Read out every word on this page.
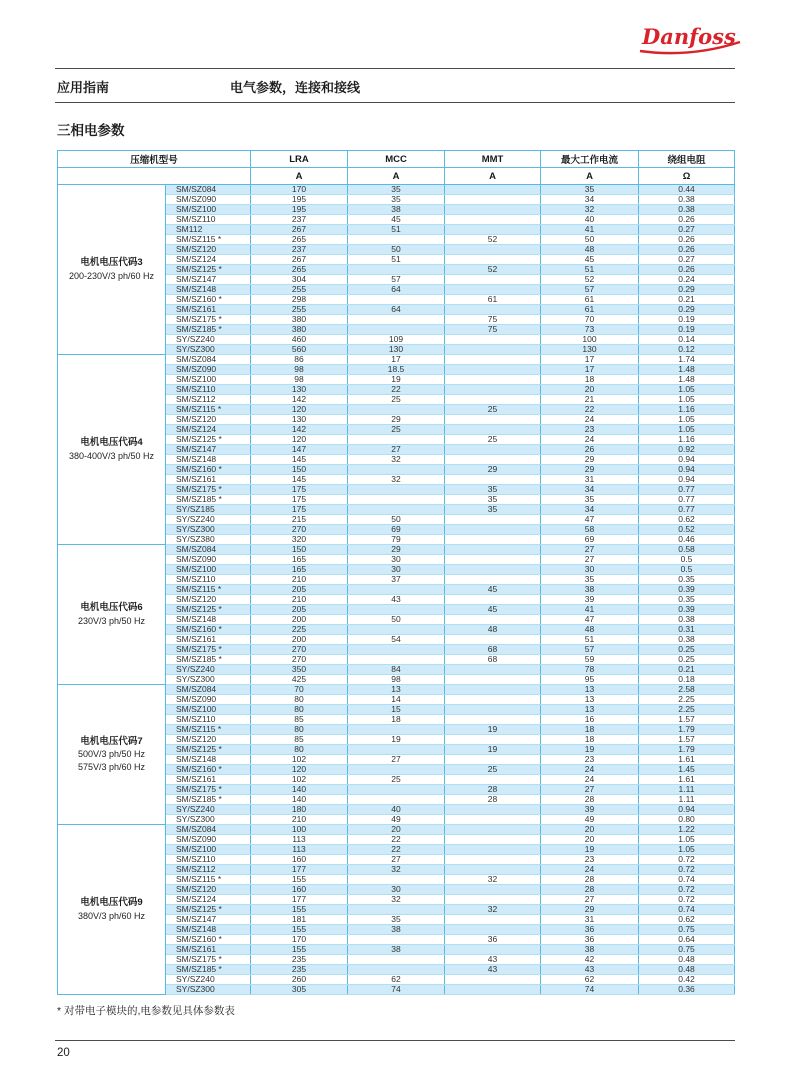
Danfoss
应用指南	电气参数，连接和接线
三相电参数
压缩机型号		LRA	MCC	MMT	最大工作电流	绕组电阻
		A	A	A	A	Ω

电机电压代码3
200-230V/3 ph/60 Hz	SM/SZ084	170	35		35	0.44
	SM/SZ090	195	35		34	0.38
	SM/SZ100	195	38		32	0.38
	SM/SZ110	237	45		40	0.26
	SM112	267	51		41	0.27
	SM/SZ115 *	265		52	50	0.26
	SM/SZ120	237	50		48	0.26
	SM/SZ124	267	51		45	0.27
	SM/SZ125 *	265		52	51	0.26
	SM/SZ147	304	57		52	0.24
	SM/SZ148	255	64		57	0.29
	SM/SZ160 *	298		61	61	0.21
	SM/SZ161	255	64		61	0.29
	SM/SZ175 *	380		75	70	0.19
	SM/SZ185 *	380		75	73	0.19
	SY/SZ240	460	109		100	0.14
	SY/SZ300	560	130		130	0.12

电机电压代码4
380-400V/3 ph/50 Hz	SM/SZ084	86	17		17	1.74
	SM/SZ090	98	18.5		17	1.48
	SM/SZ100	98	19		18	1.48
	SM/SZ110	130	22		20	1.05
	SM/SZ112	142	25		21	1.05
	SM/SZ115 *	120		25	22	1.16
	SM/SZ120	130	29		24	1.05
	SM/SZ124	142	25		23	1.05
	SM/SZ125 *	120		25	24	1.16
	SM/SZ147	147	27		26	0.92
	SM/SZ148	145	32		29	0.94
	SM/SZ160 *	150		29	29	0.94
	SM/SZ161	145	32		31	0.94
	SM/SZ175 *	175		35	34	0.77
	SM/SZ185 *	175		35	35	0.77
	SY/SZ185	175		35	34	0.77
	SY/SZ240	215	50		47	0.62
	SY/SZ300	270	69		58	0.52
	SY/SZ380	320	79		69	0.46

电机电压代码6
230V/3 ph/50 Hz	SM/SZ084	150	29		27	0.58
	SM/SZ090	165	30		27	0.5
	SM/SZ100	165	30		30	0.5
	SM/SZ110	210	37		35	0.35
	SM/SZ115 *	205		45	38	0.39
	SM/SZ120	210	43		39	0.35
	SM/SZ125 *	205		45	41	0.39
	SM/SZ148	200	50		47	0.38
	SM/SZ160 *	225		48	48	0.31
	SM/SZ161	200	54		51	0.38
	SM/SZ175 *	270		68	57	0.25
	SM/SZ185 *	270		68	59	0.25
	SY/SZ240	350	84		78	0.21
	SY/SZ300	425	98		95	0.18

电机电压代码7
500V/3 ph/50 Hz
575V/3 ph/60 Hz	SM/SZ084	70	13		13	2.58
	SM/SZ090	80	14		13	2.25
	SM/SZ100	80	15		13	2.25
	SM/SZ110	85	18		16	1.57
	SM/SZ115 *	80		19	18	1.79
	SM/SZ120	85	19		18	1.57
	SM/SZ125 *	80		19	19	1.79
	SM/SZ148	102	27		23	1.61
	SM/SZ160 *	120		25	24	1.45
	SM/SZ161	102	25		24	1.61
	SM/SZ175 *	140		28	27	1.11
	SM/SZ185 *	140		28	28	1.11
	SY/SZ240	180	40		39	0.94
	SY/SZ300	210	49		49	0.80

电机电压代码9
380V/3 ph/60 Hz	SM/SZ084	100	20		20	1.22
	SM/SZ090	113	22		20	1.05
	SM/SZ100	113	22		19	1.05
	SM/SZ110	160	27		23	0.72
	SM/SZ112	177	32		24	0.72
	SM/SZ115 *	155		32	28	0.74
	SM/SZ120	160	30		28	0.72
	SM/SZ124	177	32		27	0.72
	SM/SZ125 *	155		32	29	0.74
	SM/SZ147	181	35		31	0.62
	SM/SZ148	155	38		36	0.75
	SM/SZ160 *	170		36	36	0.64
	SM/SZ161	155	38		38	0.75
	SM/SZ175 *	235		43	42	0.48
	SM/SZ185 *	235		43	43	0.48
	SY/SZ240	260	62		62	0.42
	SY/SZ300	305	74		74	0.36
* 对带电子模块的,电参数见具体参数表
20
